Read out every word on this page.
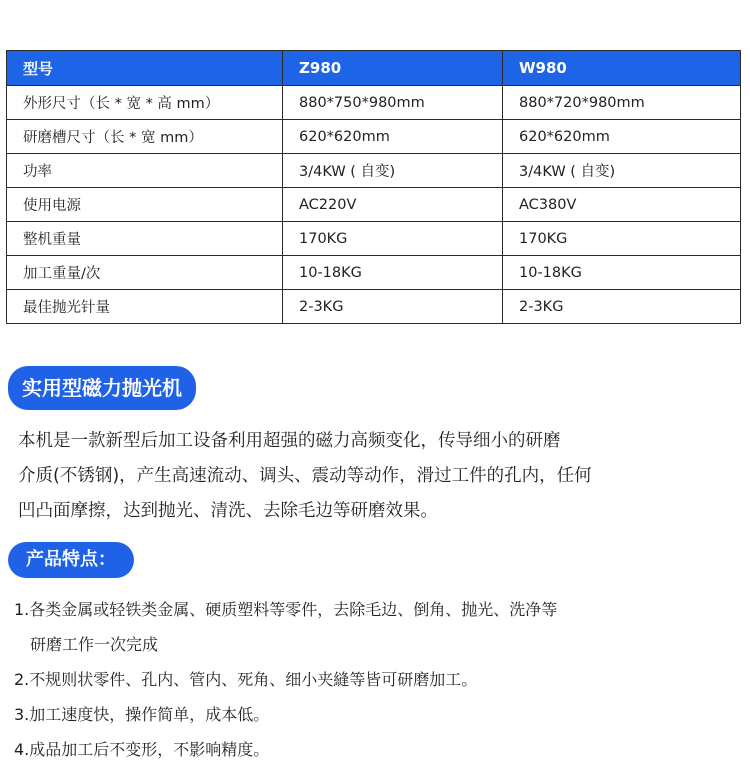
型号	Z980	W980
外形尺寸（长 * 宽 * 高 mm）	880*750*980mm	880*720*980mm
研磨槽尺寸（长 * 宽 mm）	620*620mm	620*620mm
功率	3/4KW ( 自变)	3/4KW ( 自变)
使用电源	AC220V	AC380V
整机重量	170KG	170KG
加工重量/次	10-18KG	10-18KG
最佳抛光针量	2-3KG	2-3KG
实用型磁力抛光机
本机是一款新型后加工设备利用超强的磁力高频变化，传导细小的研磨
介质(不锈钢)，产生高速流动、调头、震动等动作，滑过工件的孔内，任何
凹凸面摩擦，达到抛光、清洗、去除毛边等研磨效果。
产品特点：
1.各类金属或轻铁类金属、硬质塑料等零件，去除毛边、倒角、抛光、洗净等
研磨工作一次完成
2.不规则状零件、孔内、管内、死角、细小夹縫等皆可研磨加工。
3.加工速度快，操作简单，成本低。
4.成品加工后不变形，不影响精度。
